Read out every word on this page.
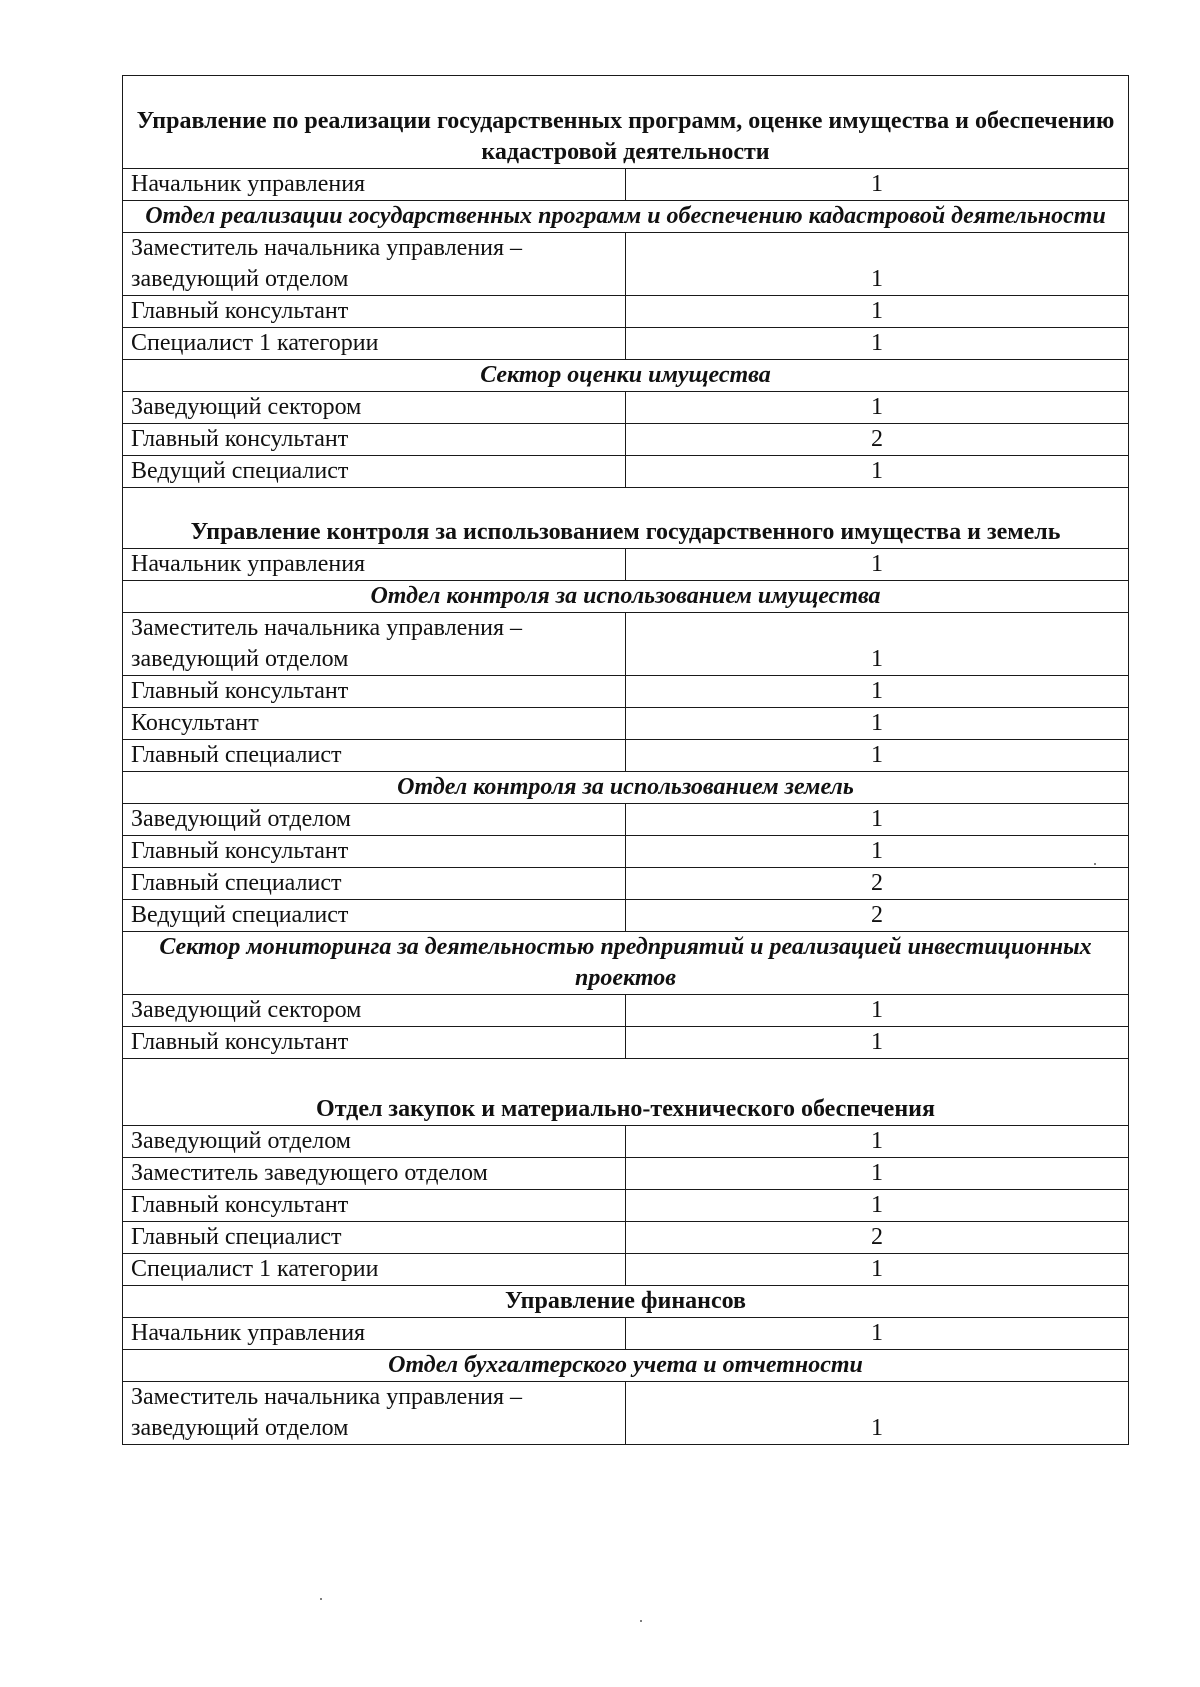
Управление по реализации государственных программ, оценке имущества и обеспечению кадастровой деятельности	
Начальник управления	1
Отдел реализации государственных программ и обеспечению кадастровой деятельности	
Заместитель начальника управления – заведующий отделом	1
Главный консультант	1
Специалист 1 категории	1
Сектор оценки имущества	
Заведующий сектором	1
Главный консультант	2
Ведущий специалист	1
Управление контроля за использованием государственного имущества и земель	
Начальник управления	1
Отдел контроля за использованием имущества	
Заместитель начальника управления – заведующий отделом	1
Главный консультант	1
Консультант	1
Главный специалист	1
Отдел контроля за использованием земель	
Заведующий отделом	1
Главный консультант	1
Главный специалист	2
Ведущий специалист	2
Сектор мониторинга за деятельностью предприятий и реализацией инвестиционных проектов	
Заведующий сектором	1
Главный консультант	1
Отдел закупок и материально-технического обеспечения	
Заведующий отделом	1
Заместитель заведующего отделом	1
Главный консультант	1
Главный специалист	2
Специалист 1 категории	1
Управление финансов	
Начальник управления	1
Отдел бухгалтерского учета и отчетности	
Заместитель начальника управления – заведующий отделом	1
